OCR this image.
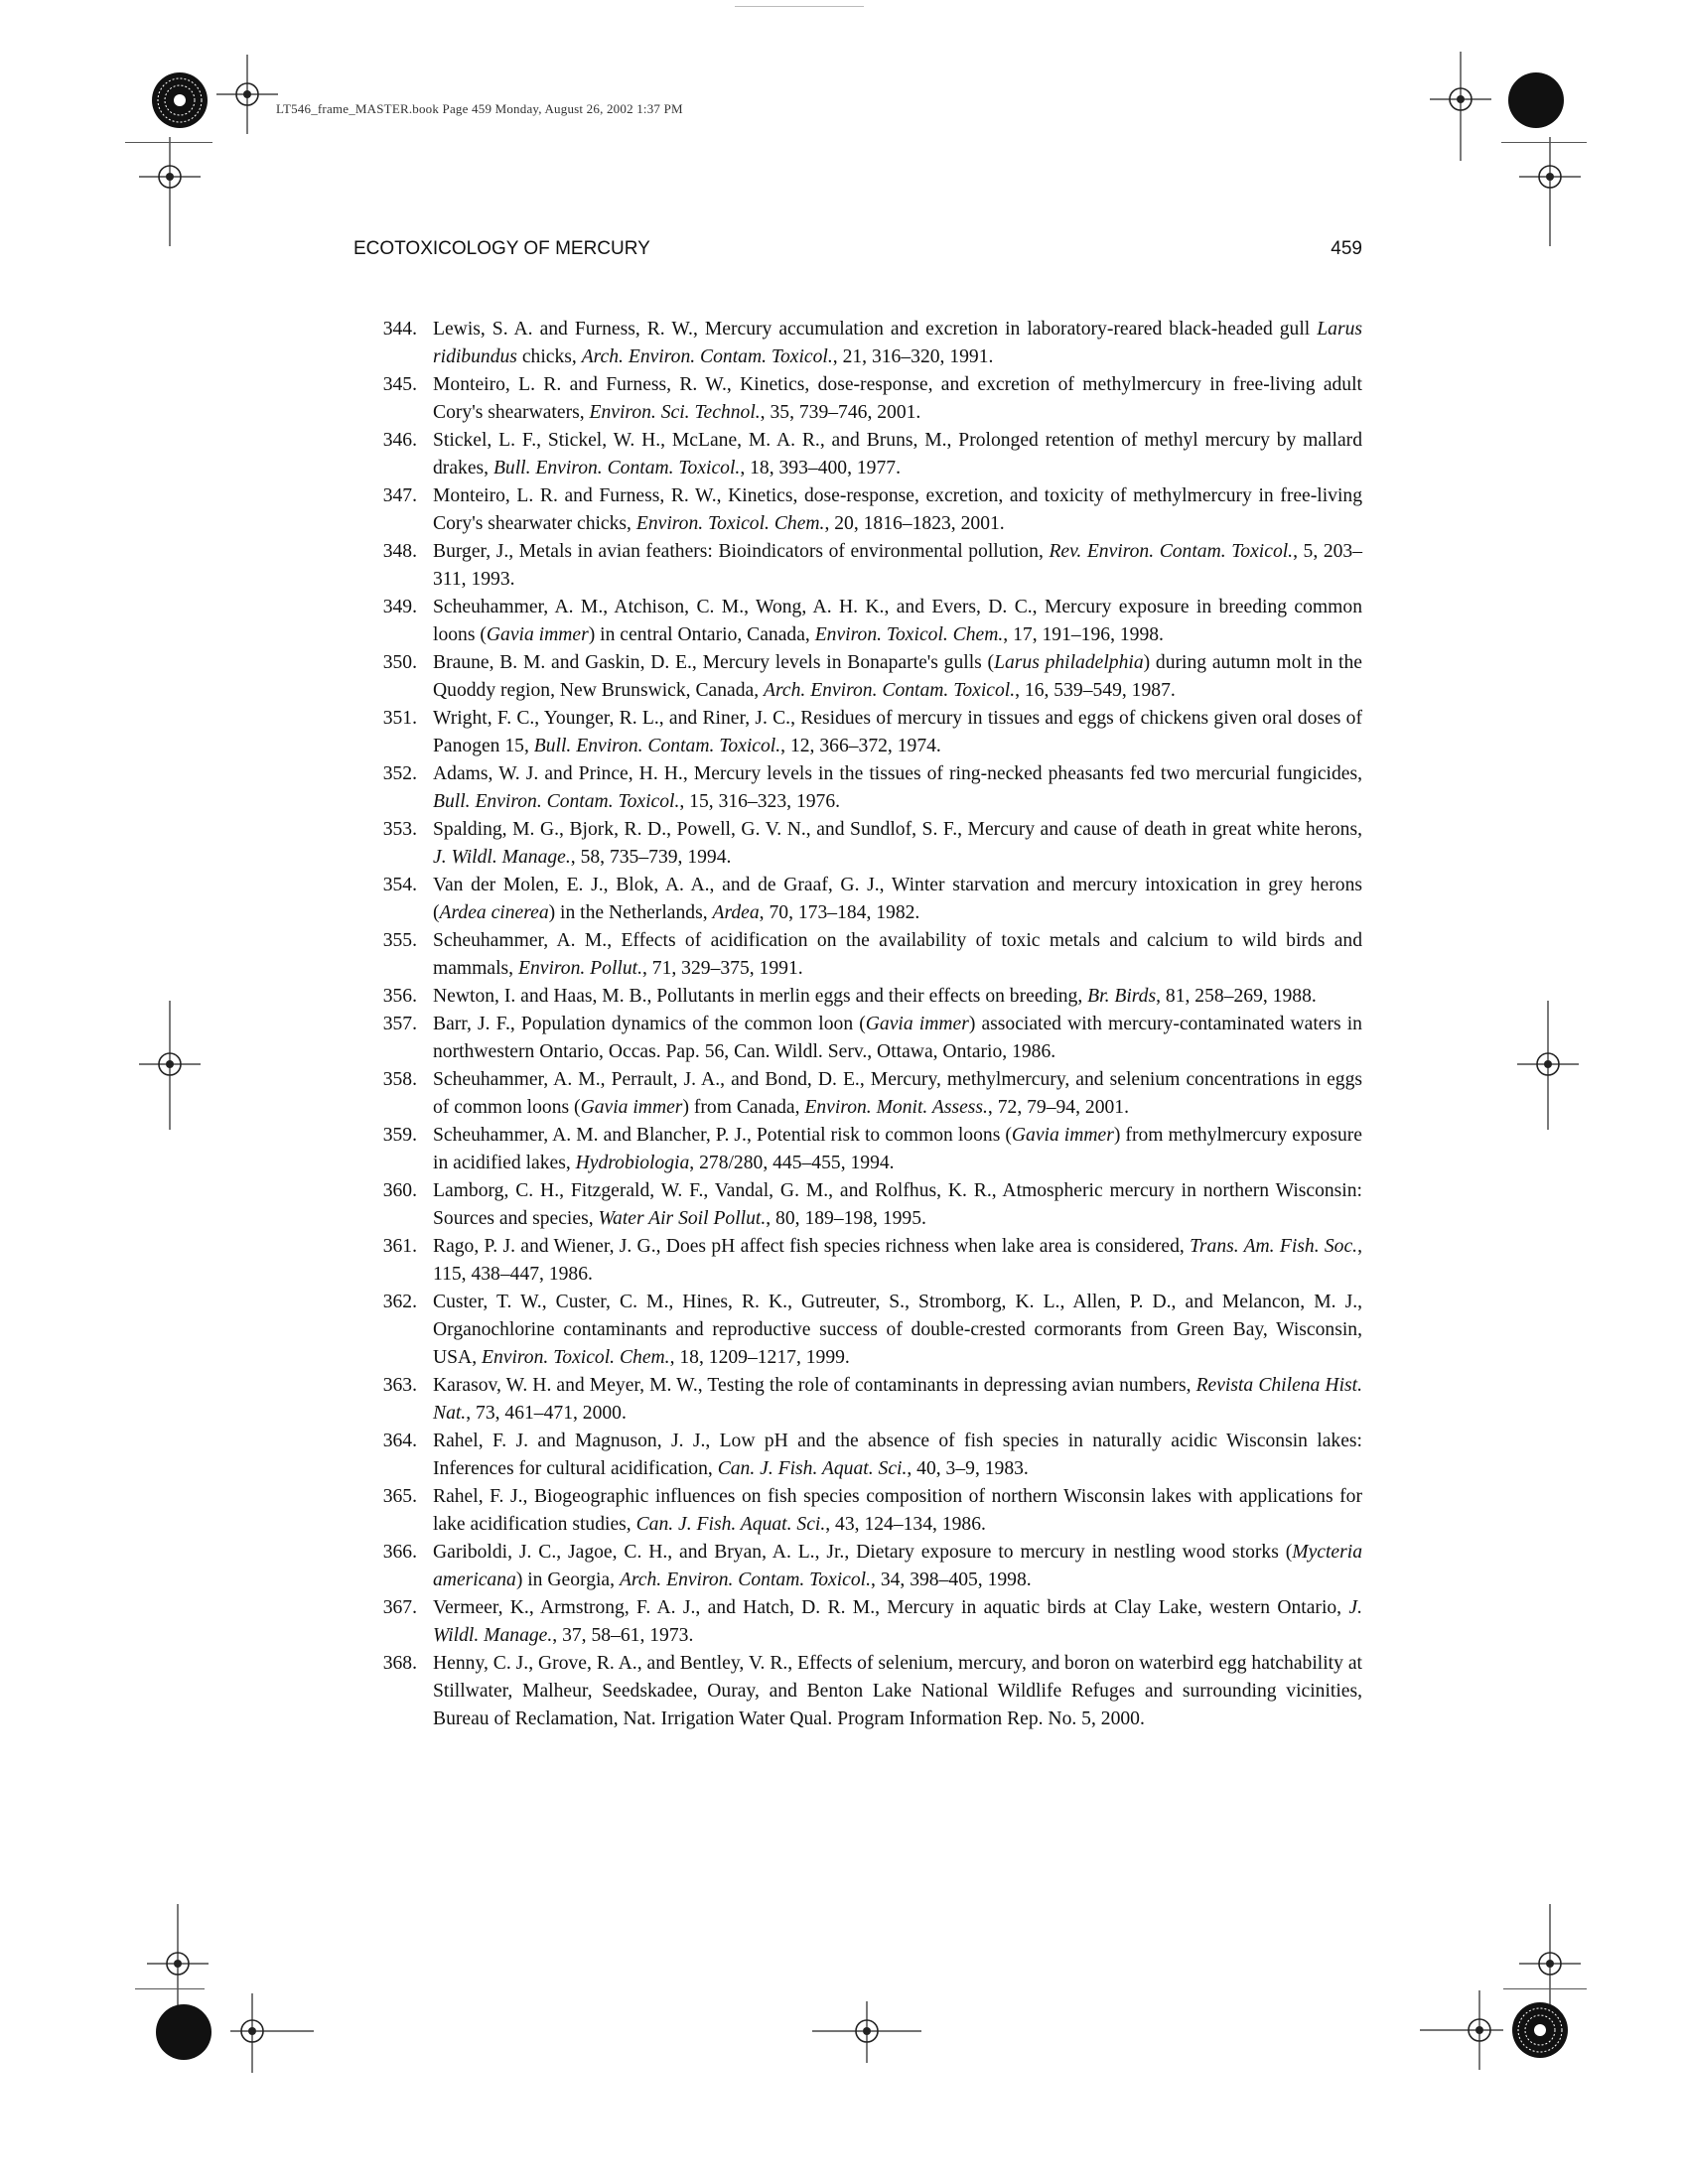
LT546_frame_MASTER.book Page 459 Monday, August 26, 2002 1:37 PM
ECOTOXICOLOGY OF MERCURY	459
344. Lewis, S. A. and Furness, R. W., Mercury accumulation and excretion in laboratory-reared black-headed gull Larus ridibundus chicks, Arch. Environ. Contam. Toxicol., 21, 316–320, 1991.
345. Monteiro, L. R. and Furness, R. W., Kinetics, dose-response, and excretion of methylmercury in free-living adult Cory's shearwaters, Environ. Sci. Technol., 35, 739–746, 2001.
346. Stickel, L. F., Stickel, W. H., McLane, M. A. R., and Bruns, M., Prolonged retention of methyl mercury by mallard drakes, Bull. Environ. Contam. Toxicol., 18, 393–400, 1977.
347. Monteiro, L. R. and Furness, R. W., Kinetics, dose-response, excretion, and toxicity of methylmercury in free-living Cory's shearwater chicks, Environ. Toxicol. Chem., 20, 1816–1823, 2001.
348. Burger, J., Metals in avian feathers: Bioindicators of environmental pollution, Rev. Environ. Contam. Toxicol., 5, 203–311, 1993.
349. Scheuhammer, A. M., Atchison, C. M., Wong, A. H. K., and Evers, D. C., Mercury exposure in breeding common loons (Gavia immer) in central Ontario, Canada, Environ. Toxicol. Chem., 17, 191–196, 1998.
350. Braune, B. M. and Gaskin, D. E., Mercury levels in Bonaparte's gulls (Larus philadelphia) during autumn molt in the Quoddy region, New Brunswick, Canada, Arch. Environ. Contam. Toxicol., 16, 539–549, 1987.
351. Wright, F. C., Younger, R. L., and Riner, J. C., Residues of mercury in tissues and eggs of chickens given oral doses of Panogen 15, Bull. Environ. Contam. Toxicol., 12, 366–372, 1974.
352. Adams, W. J. and Prince, H. H., Mercury levels in the tissues of ring-necked pheasants fed two mercurial fungicides, Bull. Environ. Contam. Toxicol., 15, 316–323, 1976.
353. Spalding, M. G., Bjork, R. D., Powell, G. V. N., and Sundlof, S. F., Mercury and cause of death in great white herons, J. Wildl. Manage., 58, 735–739, 1994.
354. Van der Molen, E. J., Blok, A. A., and de Graaf, G. J., Winter starvation and mercury intoxication in grey herons (Ardea cinerea) in the Netherlands, Ardea, 70, 173–184, 1982.
355. Scheuhammer, A. M., Effects of acidification on the availability of toxic metals and calcium to wild birds and mammals, Environ. Pollut., 71, 329–375, 1991.
356. Newton, I. and Haas, M. B., Pollutants in merlin eggs and their effects on breeding, Br. Birds, 81, 258–269, 1988.
357. Barr, J. F., Population dynamics of the common loon (Gavia immer) associated with mercury-contaminated waters in northwestern Ontario, Occas. Pap. 56, Can. Wildl. Serv., Ottawa, Ontario, 1986.
358. Scheuhammer, A. M., Perrault, J. A., and Bond, D. E., Mercury, methylmercury, and selenium concentrations in eggs of common loons (Gavia immer) from Canada, Environ. Monit. Assess., 72, 79–94, 2001.
359. Scheuhammer, A. M. and Blancher, P. J., Potential risk to common loons (Gavia immer) from methylmercury exposure in acidified lakes, Hydrobiologia, 278/280, 445–455, 1994.
360. Lamborg, C. H., Fitzgerald, W. F., Vandal, G. M., and Rolfhus, K. R., Atmospheric mercury in northern Wisconsin: Sources and species, Water Air Soil Pollut., 80, 189–198, 1995.
361. Rago, P. J. and Wiener, J. G., Does pH affect fish species richness when lake area is considered, Trans. Am. Fish. Soc., 115, 438–447, 1986.
362. Custer, T. W., Custer, C. M., Hines, R. K., Gutreuter, S., Stromborg, K. L., Allen, P. D., and Melancon, M. J., Organochlorine contaminants and reproductive success of double-crested cormorants from Green Bay, Wisconsin, USA, Environ. Toxicol. Chem., 18, 1209–1217, 1999.
363. Karasov, W. H. and Meyer, M. W., Testing the role of contaminants in depressing avian numbers, Revista Chilena Hist. Nat., 73, 461–471, 2000.
364. Rahel, F. J. and Magnuson, J. J., Low pH and the absence of fish species in naturally acidic Wisconsin lakes: Inferences for cultural acidification, Can. J. Fish. Aquat. Sci., 40, 3–9, 1983.
365. Rahel, F. J., Biogeographic influences on fish species composition of northern Wisconsin lakes with applications for lake acidification studies, Can. J. Fish. Aquat. Sci., 43, 124–134, 1986.
366. Gariboldi, J. C., Jagoe, C. H., and Bryan, A. L., Jr., Dietary exposure to mercury in nestling wood storks (Mycteria americana) in Georgia, Arch. Environ. Contam. Toxicol., 34, 398–405, 1998.
367. Vermeer, K., Armstrong, F. A. J., and Hatch, D. R. M., Mercury in aquatic birds at Clay Lake, western Ontario, J. Wildl. Manage., 37, 58–61, 1973.
368. Henny, C. J., Grove, R. A., and Bentley, V. R., Effects of selenium, mercury, and boron on waterbird egg hatchability at Stillwater, Malheur, Seedskadee, Ouray, and Benton Lake National Wildlife Refuges and surrounding vicinities, Bureau of Reclamation, Nat. Irrigation Water Qual. Program Information Rep. No. 5, 2000.
